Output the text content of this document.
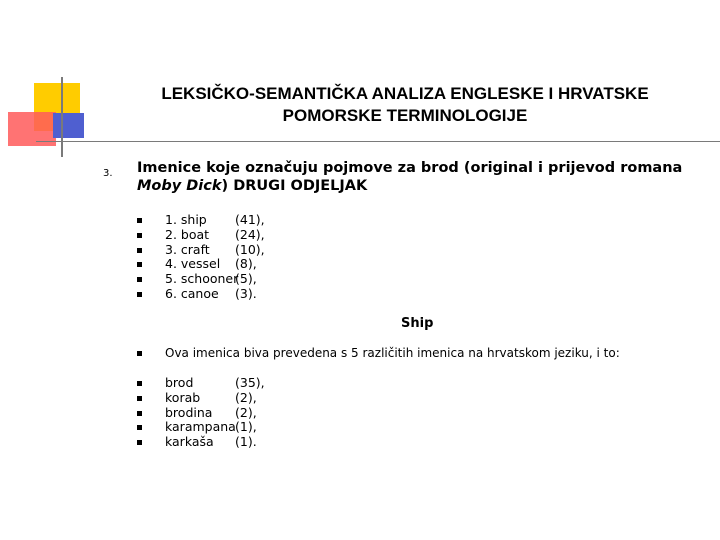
LEKSIČKO-SEMANTIČKA ANALIZA ENGLESKE I HRVATSKE
POMORSKE TERMINOLOGIJE
3. Imenice koje označuju pojmove za brod (original i prijevod romana Moby Dick) DRUGI ODJELJAK
1. ship (41),
2. boat (24),
3. craft (10),
4. vessel (8),
5. schooner
(5),
6. canoe (3).
Ship
Ova imenica biva prevedena s 5 različitih imenica na hrvatskom jeziku, i to:
brod	(35),
korab	(2),
brodina (2),
karampana (1),
karkaša (1).
